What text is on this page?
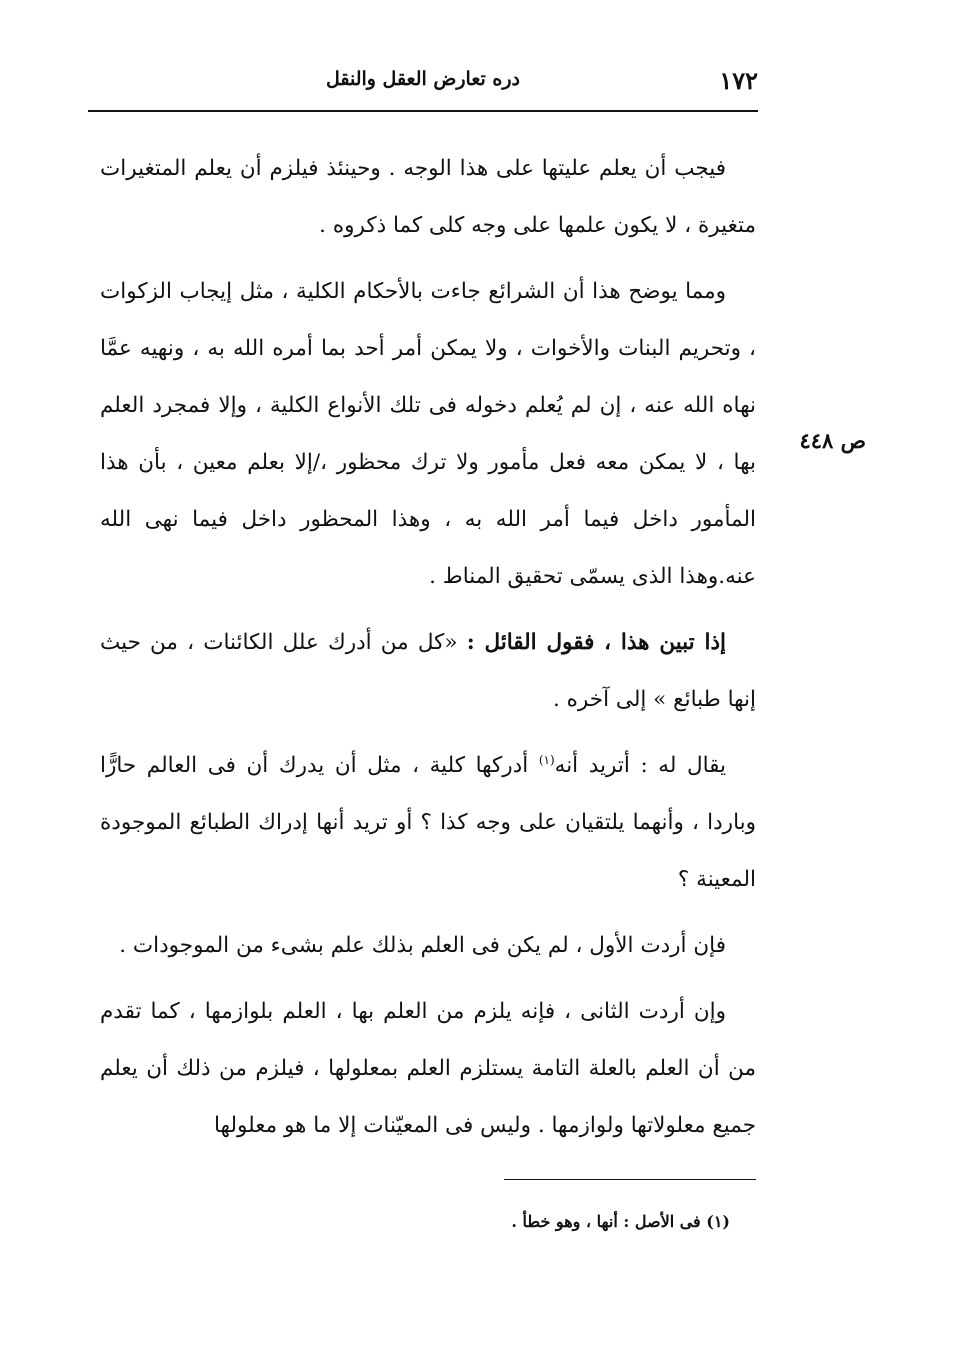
١٧٢
دره تعارض العقل والنقل
ص ٤٤٨

فيجب أن يعلم عليتها على هذا الوجه . وحينئذ فيلزم أن يعلم المتغيرات متغيرة ، لا يكون علمها على وجه كلى كما ذكروه .

ومما يوضح هذا أن الشرائع جاءت بالأحكام الكلية ، مثل إيجاب الزكوات ، وتحريم البنات والأخوات ، ولا يمكن أمر أحد بما أمره الله به ، ونهيه عمَّا نهاه الله عنه ، إن لم يُعلم دخوله فى تلك الأنواع الكلية ، وإلا فمجرد العلم بها ، لا يمكن معه فعل مأمور ولا ترك محظور ،/إلا بعلم معين ، بأن هذا المأمور داخل فيما أمر الله به ، وهذا المحظور داخل فيما نهى الله عنه.وهذا الذى يسمّى تحقيق المناط .

إذا تبين هذا ، فقول القائل : «كل من أدرك علل الكائنات ، من حيث إنها طبائع » إلى آخره .

يقال له : أتريد أنه$^{(١)}$ أدركها كلية ، مثل أن يدرك أن فى العالم حارًّا وباردا ، وأنهما يلتقيان على وجه كذا ؟ أو تريد أنها إدراك الطبائع الموجودة المعينة ؟

فإن أردت الأول ، لم يكن فى العلم بذلك علم بشىء من الموجودات .

وإن أردت الثانى ، فإنه يلزم من العلم بها ، العلم بلوازمها ، كما تقدم من أن العلم بالعلة التامة يستلزم العلم بمعلولها ، فيلزم من ذلك أن يعلم جميع معلولاتها ولوازمها . وليس فى المعيّنات إلا ما هو معلولها

(١) فى الأصل : أنها ، وهو خطأ .
